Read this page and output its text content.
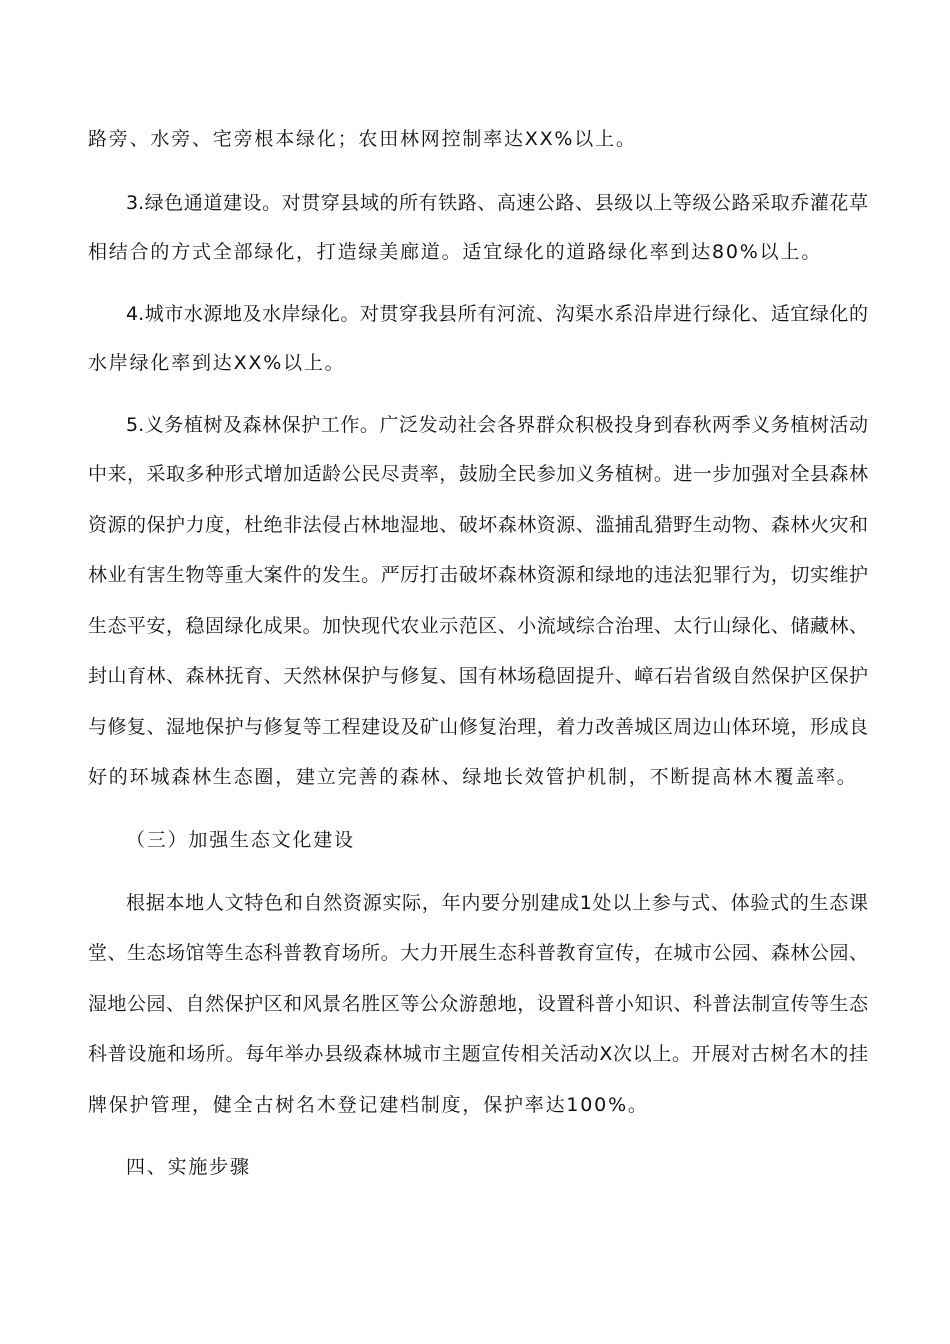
路旁、水旁、宅旁根本绿化；农田林网控制率达XX%以上。
3.绿色通道建设。对贯穿县域的所有铁路、高速公路、县级以上等级公路采取乔灌花草
相结合的方式全部绿化，打造绿美廊道。适宜绿化的道路绿化率到达80%以上。
4.城市水源地及水岸绿化。对贯穿我县所有河流、沟渠水系沿岸进行绿化、适宜绿化的
水岸绿化率到达XX%以上。
5.义务植树及森林保护工作。广泛发动社会各界群众积极投身到春秋两季义务植树活动
中来，采取多种形式增加适龄公民尽责率，鼓励全民参加义务植树。进一步加强对全县森林
资源的保护力度，杜绝非法侵占林地湿地、破坏森林资源、滥捕乱猎野生动物、森林火灾和
林业有害生物等重大案件的发生。严厉打击破坏森林资源和绿地的违法犯罪行为，切实维护
生态平安，稳固绿化成果。加快现代农业示范区、小流域综合治理、太行山绿化、储藏林、
封山育林、森林抚育、天然林保护与修复、国有林场稳固提升、嶂石岩省级自然保护区保护
与修复、湿地保护与修复等工程建设及矿山修复治理，着力改善城区周边山体环境，形成良
好的环城森林生态圈，建立完善的森林、绿地长效管护机制，不断提高林木覆盖率。
（三）加强生态文化建设
根据本地人文特色和自然资源实际，年内要分别建成1处以上参与式、体验式的生态课
堂、生态场馆等生态科普教育场所。大力开展生态科普教育宣传，在城市公园、森林公园、
湿地公园、自然保护区和风景名胜区等公众游憩地，设置科普小知识、科普法制宣传等生态
科普设施和场所。每年举办县级森林城市主题宣传相关活动X次以上。开展对古树名木的挂
牌保护管理，健全古树名木登记建档制度，保护率达100%。
四、实施步骤
